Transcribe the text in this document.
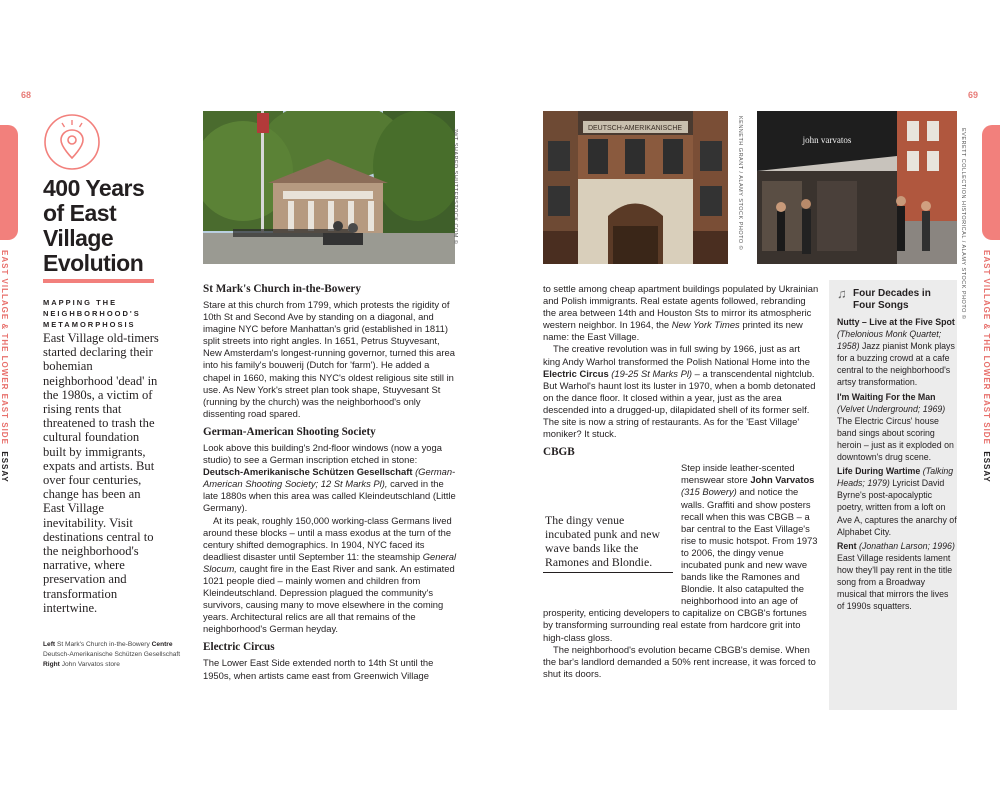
68
EAST VILLAGE & THE LOWER EAST SIDE  ESSAY
400 Years
of East
Village
Evolution
MAPPING THE
NEIGHBORHOOD'S
METAMORPHOSIS
East Village old-timers started declaring their bohemian neighborhood 'dead' in the 1980s, a victim of rising rents that threatened to trash the cultural foundation built by immigrants, expats and artists. But over four centuries, change has been an East Village inevitability. Visit destinations central to the neighborhood's narrative, where preservation and transformation intertwine.
Left St Mark's Church in-the-Bowery Centre Deutsch-Amerikanische Schützen Gesellschaft Right John Varvatos store
JWT SHARED SHUTTERSTOCK.COM ©
St Mark's Church in-the-Bowery

Stare at this church from 1799, which protests the rigidity of 10th St and Second Ave by standing on a diagonal, and imagine NYC before Manhattan's grid (established in 1811) split streets into right angles. In 1651, Petrus Stuyvesant, New Amsterdam's longest-running governor, turned this area into his family's bouwerij (Dutch for 'farm'). He added a chapel in 1660, making this NYC's oldest religious site still in use. As New York's street plan took shape, Stuyvesant St (running by the church) was the neighborhood's only dissenting road spared.

German-American Shooting Society

Look above this building's 2nd-floor windows (now a yoga studio) to see a German inscription etched in stone: Deutsch-Amerikanische Schützen Gesellschaft (German-American Shooting Society; 12 St Marks Pl), carved in the late 1880s when this area was called Kleindeutschland (Little Germany).

At its peak, roughly 150,000 working-class Germans lived around these blocks – until a mass exodus at the turn of the century shifted demographics. In 1904, NYC faced its deadliest disaster until September 11: the steamship General Slocum, caught fire in the East River and sank. An estimated 1021 people died – mainly women and children from Kleindeutschland. Depression plagued the community's survivors, causing many to move elsewhere in the coming years. Architectural relics are all that remains of the neighborhood's German heyday.

Electric Circus

The Lower East Side extended north to 14th St until the 1950s, when artists came east from Greenwich Village

69
EAST VILLAGE & THE LOWER EAST SIDE  ESSAY
DEUTSCH-AMERIKANISCHE	KENNETH GRANT / ALAMY STOCK PHOTO ©	john varvatos	EVERETT COLLECTION HISTORICAL / ALAMY STOCK PHOTO ©

to settle among cheap apartment buildings populated by Ukrainian and Polish immigrants. Real estate agents followed, rebranding the area between 14th and Houston Sts to mirror its atmospheric western neighbor. In 1964, the New York Times printed its new name: the East Village.

The creative revolution was in full swing by 1966, just as art king Andy Warhol transformed the Polish National Home into the Electric Circus (19-25 St Marks Pl) – a transcendental nightclub. But Warhol's haunt lost its luster in 1970, when a bomb detonated on the dance floor. It closed within a year, just as the area descended into a drugged-up, dilapidated shell of its former self. The site is now a string of restaurants. As for the 'East Village' moniker? It stuck.

CBGB

Step inside leather-scented menswear store John Varvatos (315 Bowery) and notice the walls. Graffiti and show posters recall when this was CBGB – a bar central to the East Village's rise to music hotspot. From 1973 to 2006, the dingy venue incubated punk and new wave bands like the Ramones and Blondie. It also catapulted the neighborhood into an age of prosperity, enticing developers to capitalize on CBGB's fortunes by transforming surrounding real estate from hardcore grit into high-class gloss.

The neighborhood's evolution became CBGB's demise. When the bar's landlord demanded a 50% rent increase, it was forced to shut its doors.

The dingy venue incubated punk and new wave bands like the Ramones and Blondie.
♫ Four Decades in
Four Songs

Nutty – Live at the Five Spot (Thelonious Monk Quartet; 1958) Jazz pianist Monk plays for a buzzing crowd at a cafe central to the neighborhood's artsy transformation.

I'm Waiting For the Man (Velvet Underground; 1969) The Electric Circus' house band sings about scoring heroin – just as it exploded on downtown's drug scene.

Life During Wartime (Talking Heads; 1979) Lyricist David Byrne's post-apocalyptic poetry, written from a loft on Ave A, captures the anarchy of Alphabet City.

Rent (Jonathan Larson; 1996) East Village residents lament how they'll pay rent in the title song from a Broadway musical that mirrors the lives of 1990s squatters.
